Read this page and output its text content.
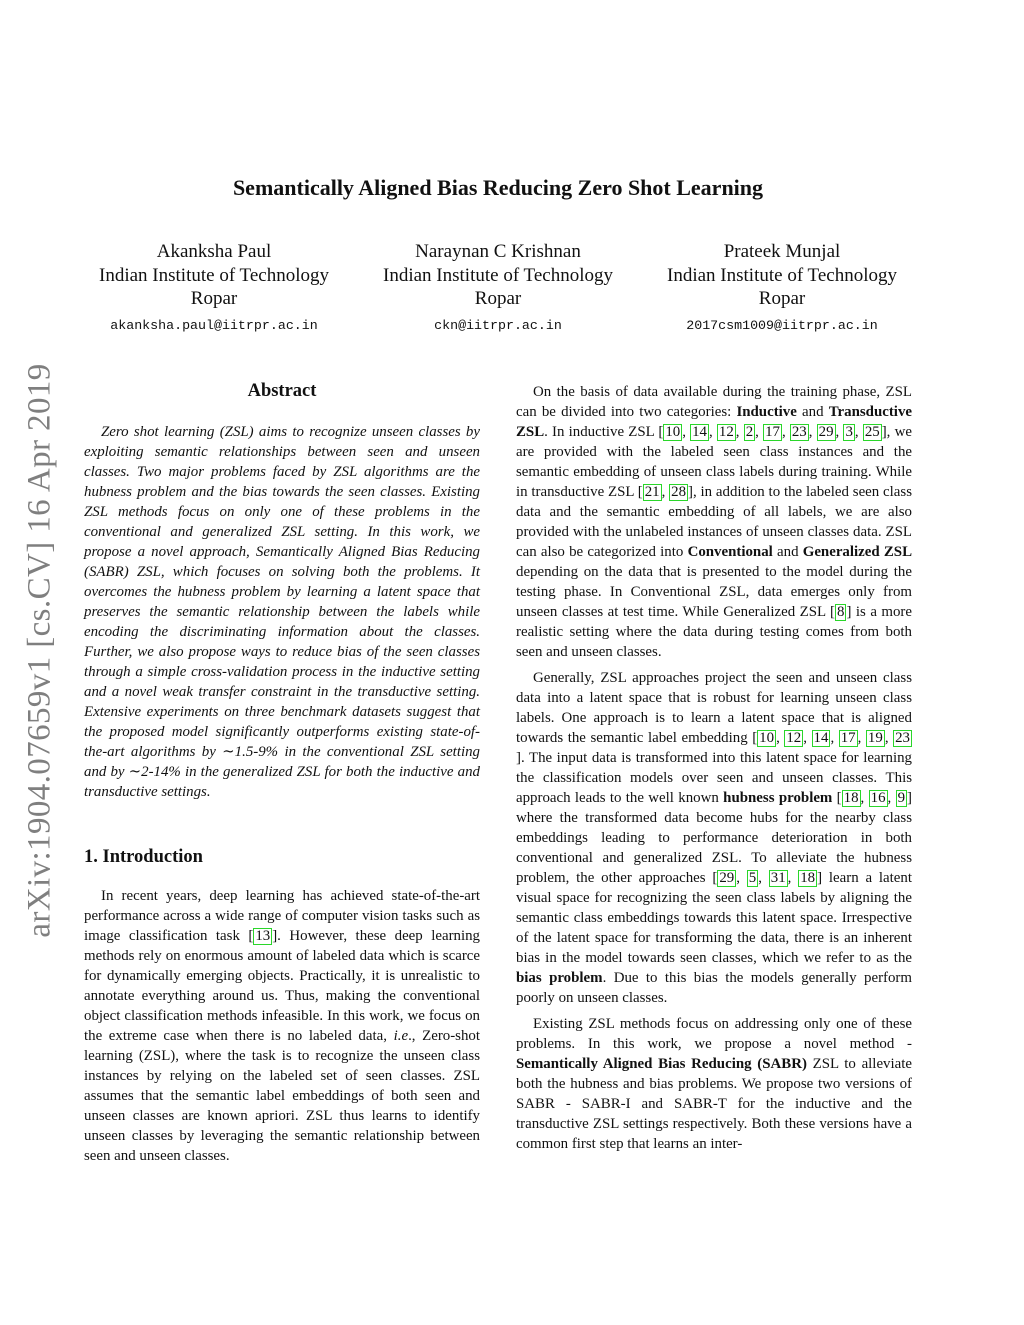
arXiv:1904.07659v1 [cs.CV] 16 Apr 2019
Semantically Aligned Bias Reducing Zero Shot Learning
Akanksha Paul
Indian Institute of Technology
Ropar
akanksha.paul@iitrpr.ac.in
Naraynan C Krishnan
Indian Institute of Technology
Ropar
ckn@iitrpr.ac.in
Prateek Munjal
Indian Institute of Technology
Ropar
2017csm1009@iitrpr.ac.in
Abstract

Zero shot learning (ZSL) aims to recognize unseen classes by exploiting semantic relationships between seen and unseen classes. Two major problems faced by ZSL algorithms are the hubness problem and the bias towards the seen classes. Existing ZSL methods focus on only one of these problems in the conventional and generalized ZSL setting. In this work, we propose a novel approach, Semantically Aligned Bias Reducing (SABR) ZSL, which focuses on solving both the problems. It overcomes the hubness problem by learning a latent space that preserves the semantic relationship between the labels while encoding the discriminating information about the classes. Further, we also propose ways to reduce bias of the seen classes through a simple cross-validation process in the inductive setting and a novel weak transfer constraint in the transductive setting. Extensive experiments on three benchmark datasets suggest that the proposed model significantly outperforms existing state-of-the-art algorithms by ∼1.5-9% in the conventional ZSL setting and by ∼2-14% in the generalized ZSL for both the inductive and transductive settings.

1. Introduction

In recent years, deep learning has achieved state-of-the-art performance across a wide range of computer vision tasks such as image classification task [ 13 ]. However, these deep learning methods rely on enormous amount of labeled data which is scarce for dynamically emerging objects. Practically, it is unrealistic to annotate everything around us. Thus, making the conventional object classification methods infeasible. In this work, we focus on the extreme case when there is no labeled data, i.e., Zero-shot learning (ZSL), where the task is to recognize the unseen class instances by relying on the labeled set of seen classes. ZSL assumes that the semantic label embeddings of both seen and unseen classes are known apriori. ZSL thus learns to identify unseen classes by leveraging the semantic relationship between seen and unseen classes.

On the basis of data available during the training phase, ZSL can be divided into two categories: Inductive and Transductive ZSL. In inductive ZSL [ 10 , 14 , 12 , 2 , 17 , 23 , 29 , 3 , 25 ], we are provided with the labeled seen class instances and the semantic embedding of unseen class labels during training. While in transductive ZSL [ 21 , 28 ], in addition to the labeled seen class data and the semantic embedding of all labels, we are also provided with the unlabeled instances of unseen classes data. ZSL can also be categorized into Conventional and Generalized ZSL depending on the data that is presented to the model during the testing phase. In Conventional ZSL, data emerges only from unseen classes at test time. While Generalized ZSL [ 8 ] is a more realistic setting where the data during testing comes from both seen and unseen classes.

Generally, ZSL approaches project the seen and unseen class data into a latent space that is robust for learning unseen class labels. One approach is to learn a latent space that is aligned towards the semantic label embedding [ 10 , 12 , 14 , 17 , 19 , 23]. The input data is transformed into this latent space for learning the classification models over seen and unseen classes. This approach leads to the well known hubness problem [ 18 , 16 , 9 ] where the transformed data become hubs for the nearby class embeddings leading to performance deterioration in both conventional and generalized ZSL. To alleviate the hubness problem, the other approaches [ 29 , 5 , 31 , 18 ] learn a latent visual space for recognizing the seen class labels by aligning the semantic class embeddings towards this latent space. Irrespective of the latent space for transforming the data, there is an inherent bias in the model towards seen classes, which we refer to as the bias problem. Due to this bias the models generally perform poorly on unseen classes.

Existing ZSL methods focus on addressing only one of these problems. In this work, we propose a novel method - Semantically Aligned Bias Reducing (SABR) ZSL to alleviate both the hubness and bias problems. We propose two versions of SABR - SABR-I and SABR-T for the inductive and the transductive ZSL settings respectively. Both these versions have a common first step that learns an inter-
